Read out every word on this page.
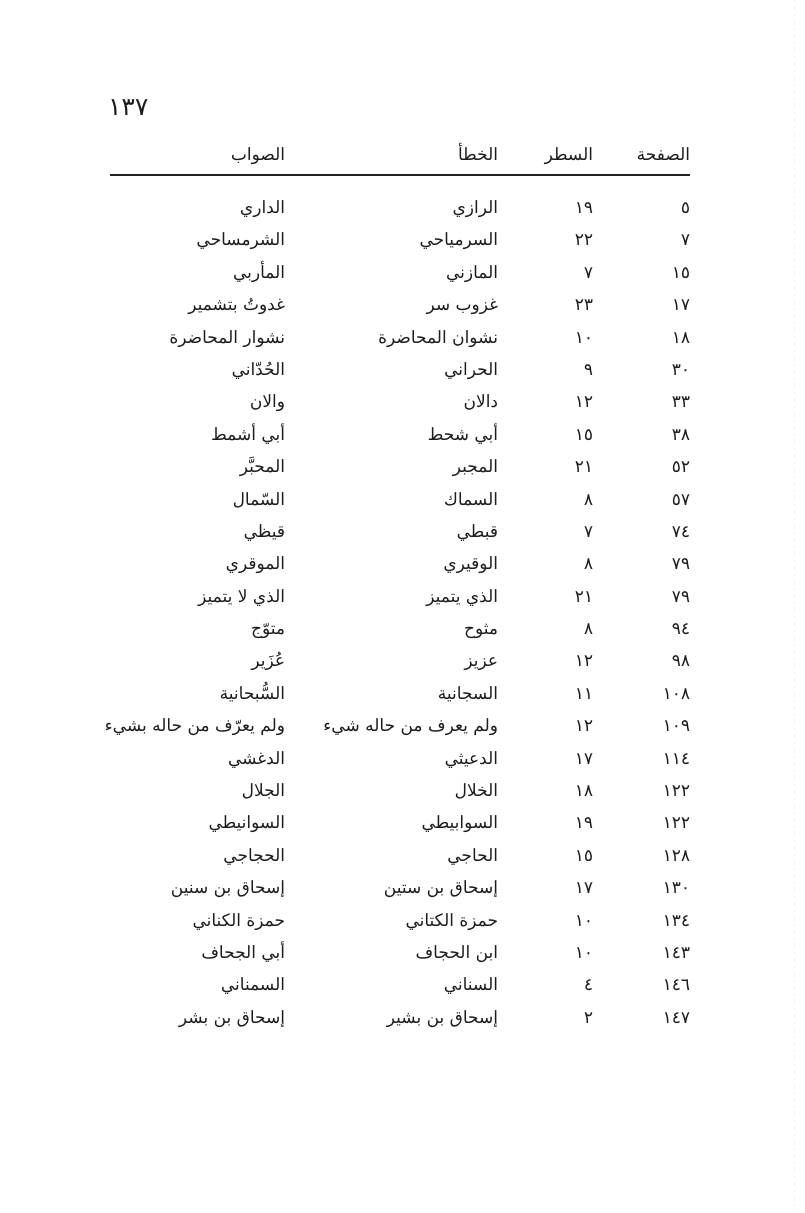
١٣٧
الصفحة
السطر
الخطأ
الصواب
٥
١٩
الرازي
الداري
٧
٢٢
السرمياحي
الشرمساحي
١٥
٧
المازني
المأربي
١٧
٢٣
غزوب سر
غدوتُ بتشمير
١٨
١٠
نشوان المحاضرة
نشوار المحاضرة
٣٠
٩
الحراني
الحُدّاني
٣٣
١٢
دالان
والان
٣٨
١٥
أبي شحط
أبي أشمط
٥٢
٢١
المجبر
المحبَّر
٥٧
٨
السماك
السّمال
٧٤
٧
قبطي
قيظي
٧٩
٨
الوقيري
الموقري
٧٩
٢١
الذي يتميز
الذي لا يتميز
٩٤
٨
مثوح
متوّج
٩٨
١٢
عزيز
عُزَير
١٠٨
١١
السجانية
السُّبحانية
١٠٩
١٢
ولم يعرف من حاله شيء
ولم يعرّف من حاله بشيء
١١٤
١٧
الدعيثي
الدغشي
١٢٢
١٨
الخلال
الجلال
١٢٢
١٩
السوابيطي
السوانيطي
١٢٨
١٥
الحاجي
الحجاجي
١٣٠
١٧
إسحاق بن ستين
إسحاق بن سنين
١٣٤
١٠
حمزة الكتاني
حمزة الكناني
١٤٣
١٠
ابن الحجاف
أبي الجحاف
١٤٦
٤
السناني
السمناني
١٤٧
٢
إسحاق بن بشير
إسحاق بن بشر
